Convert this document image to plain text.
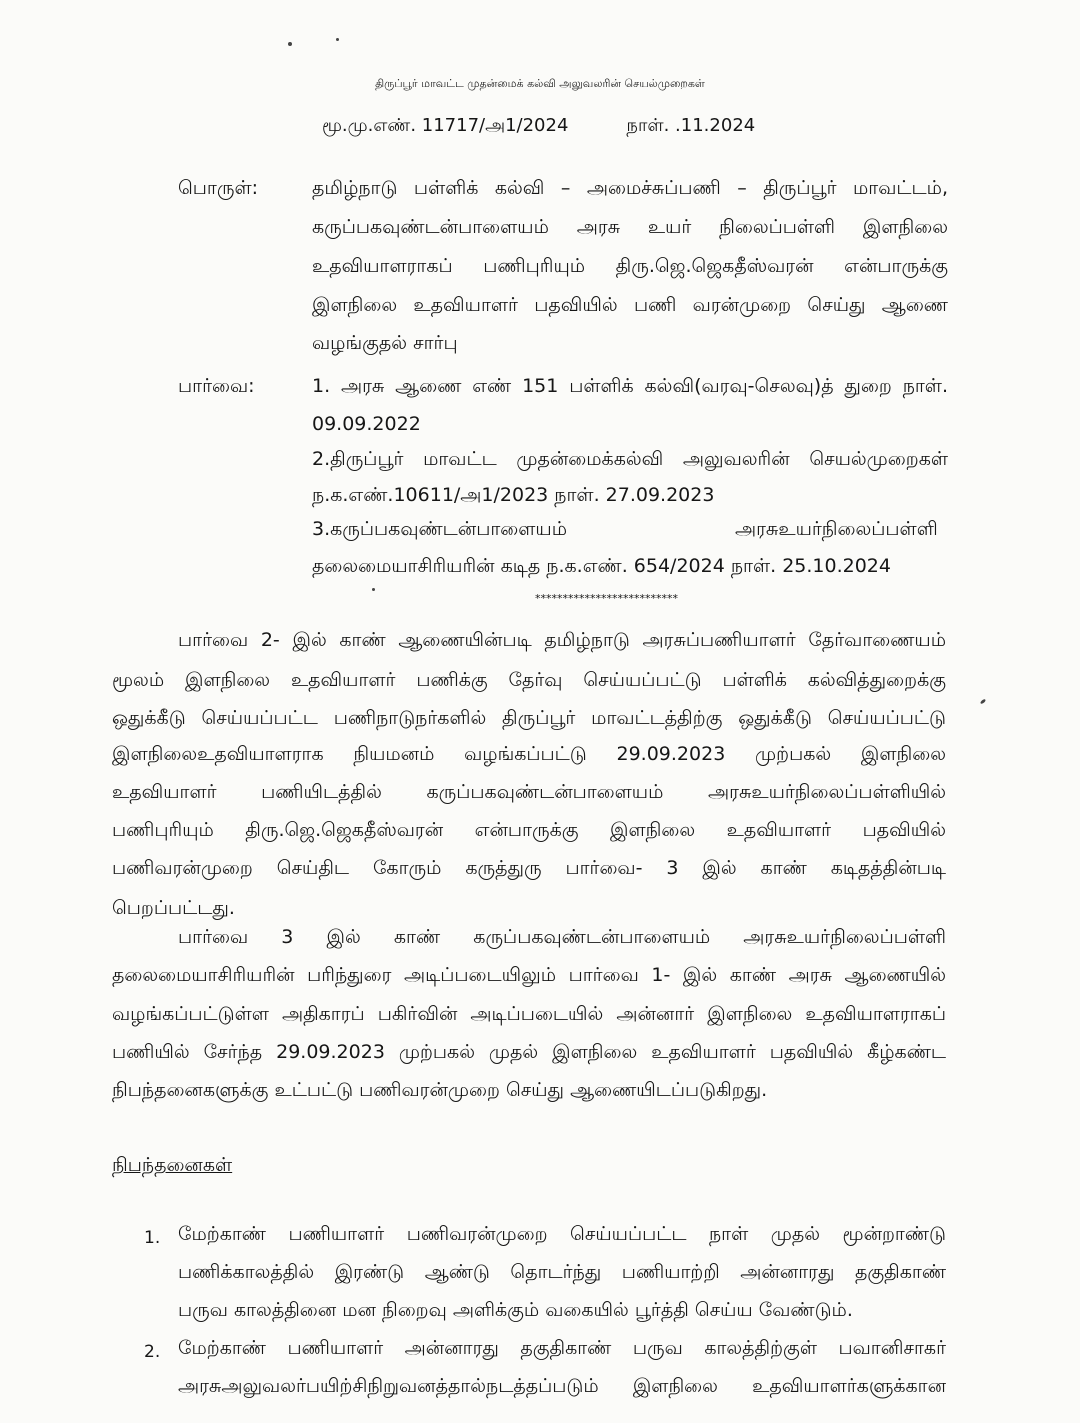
திருப்பூர் மாவட்ட முதன்மைக் கல்வி அலுவலரின் செயல்முறைகள்
மூ.மு.எண். 11717/அ1/2024	நாள். .11.2024
பொருள்:	தமிழ்நாடு பள்ளிக் கல்வி – அமைச்சுப்பணி – திருப்பூர் மாவட்டம்,
கருப்பகவுண்டன்பாளையம் அரசு உயர் நிலைப்பள்ளி இளநிலை
உதவியாளராகப் பணிபுரியும் திரு.ஜெ.ஜெகதீஸ்வரன் என்பாருக்கு
இளநிலை உதவியாளர் பதவியில் பணி வரன்முறை செய்து ஆணை
வழங்குதல் சார்பு
பார்வை:	1. அரசு ஆணை எண் 151 பள்ளிக் கல்வி(வரவு-செலவு)த் துறை நாள்.
09.09.2022
2.திருப்பூர் மாவட்ட முதன்மைக்கல்வி அலுவலரின் செயல்முறைகள்
ந.க.எண்.10611/அ1/2023 நாள். 27.09.2023
3.கருப்பகவுண்டன்பாளையம்	அரசுஉயர்நிலைப்பள்ளி
தலைமையாசிரியரின் கடித ந.க.எண். 654/2024 நாள். 25.10.2024
**************************
பார்வை 2- இல் காண் ஆணையின்படி தமிழ்நாடு அரசுப்பணியாளர் தேர்வாணையம்
மூலம் இளநிலை உதவியாளர் பணிக்கு தேர்வு செய்யப்பட்டு பள்ளிக் கல்வித்துறைக்கு
ஒதுக்கீடு செய்யப்பட்ட பணிநாடுநர்களில் திருப்பூர் மாவட்டத்திற்கு ஒதுக்கீடு செய்யப்பட்டு
இளநிலைஉதவியாளராக நியமனம் வழங்கப்பட்டு 29.09.2023 முற்பகல் இளநிலை
உதவியாளர் பணியிடத்தில் கருப்பகவுண்டன்பாளையம் அரசுஉயர்நிலைப்பள்ளியில்
பணிபுரியும் திரு.ஜெ.ஜெகதீஸ்வரன் என்பாருக்கு இளநிலை உதவியாளர் பதவியில்
பணிவரன்முறை செய்திட கோரும் கருத்துரு பார்வை- 3 இல் காண் கடிதத்தின்படி
பெறப்பட்டது.
பார்வை 3 இல் காண் கருப்பகவுண்டன்பாளையம் அரசுஉயர்நிலைப்பள்ளி
தலைமையாசிரியரின் பரிந்துரை அடிப்படையிலும் பார்வை 1- இல் காண் அரசு ஆணையில்
வழங்கப்பட்டுள்ள அதிகாரப் பகிர்வின் அடிப்படையில் அன்னார் இளநிலை உதவியாளராகப்
பணியில் சேர்ந்த 29.09.2023 முற்பகல் முதல் இளநிலை உதவியாளர் பதவியில் கீழ்கண்ட
நிபந்தனைகளுக்கு உட்பட்டு பணிவரன்முறை செய்து ஆணையிடப்படுகிறது.
நிபந்தனைகள்
1. மேற்காண் பணியாளர் பணிவரன்முறை செய்யப்பட்ட நாள் முதல் மூன்றாண்டு
பணிக்காலத்தில் இரண்டு ஆண்டு தொடர்ந்து பணியாற்றி அன்னாரது தகுதிகாண்
பருவ காலத்தினை மன நிறைவு அளிக்கும் வகையில் பூர்த்தி செய்ய வேண்டும்.
2. மேற்காண் பணியாளர் அன்னாரது தகுதிகாண் பருவ காலத்திற்குள் பவானிசாகர்
அரசுஅலுவலர்பயிற்சிநிறுவனத்தால்நடத்தப்படும் இளநிலை உதவியாளர்களுக்கான
